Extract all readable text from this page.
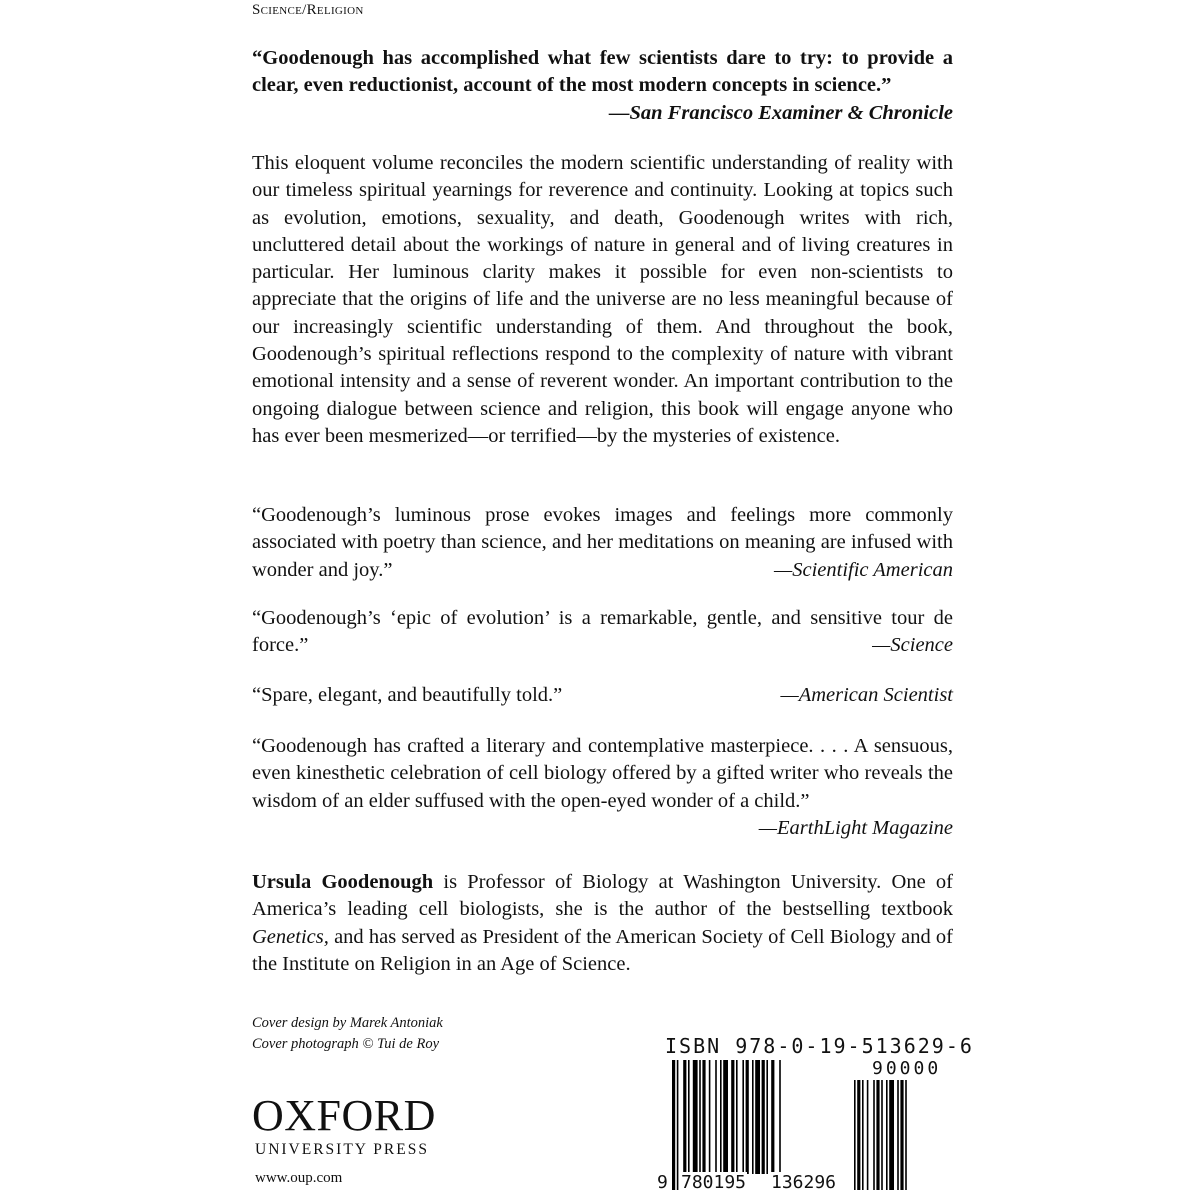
Science/Religion
“Goodenough has accomplished what few scientists dare to try: to provide a clear, even reductionist, account of the most modern concepts in science.”
—San Francisco Examiner & Chronicle
This eloquent volume reconciles the modern scientific understanding of reality with our timeless spiritual yearnings for reverence and continuity. Looking at topics such as evolution, emotions, sexuality, and death, Goodenough writes with rich, uncluttered detail about the workings of nature in general and of living creatures in particular. Her luminous clarity makes it possible for even non-scientists to appreciate that the origins of life and the universe are no less meaningful because of our increasingly scientific understanding of them. And throughout the book, Goodenough’s spiritual reflections respond to the complexity of nature with vibrant emotional intensity and a sense of reverent wonder. An important contribution to the ongoing dialogue between science and religion, this book will engage anyone who has ever been mesmerized—or terrified—by the mysteries of existence.
“Goodenough’s luminous prose evokes images and feelings more commonly associated with poetry than science, and her meditations on meaning are infused with wonder and joy.”	—Scientific American
“Goodenough’s ‘epic of evolution’ is a remarkable, gentle, and sensitive tour de force.”	—Science
“Spare, elegant, and beautifully told.”	—American Scientist
“Goodenough has crafted a literary and contemplative masterpiece. . . . A sensuous, even kinesthetic celebration of cell biology offered by a gifted writer who reveals the wisdom of an elder suffused with the open-eyed wonder of a child.”
—EarthLight Magazine
Ursula Goodenough is Professor of Biology at Washington University. One of America’s leading cell biologists, she is the author of the bestselling textbook Genetics, and has served as President of the American Society of Cell Biology and of the Institute on Religion in an Age of Science.
Cover design by Marek Antoniak
Cover photograph © Tui de Roy
OXFORD
UNIVERSITY PRESS
www.oup.com
ISBN 978-0-19-513629-6
90000
9 780195 136296
